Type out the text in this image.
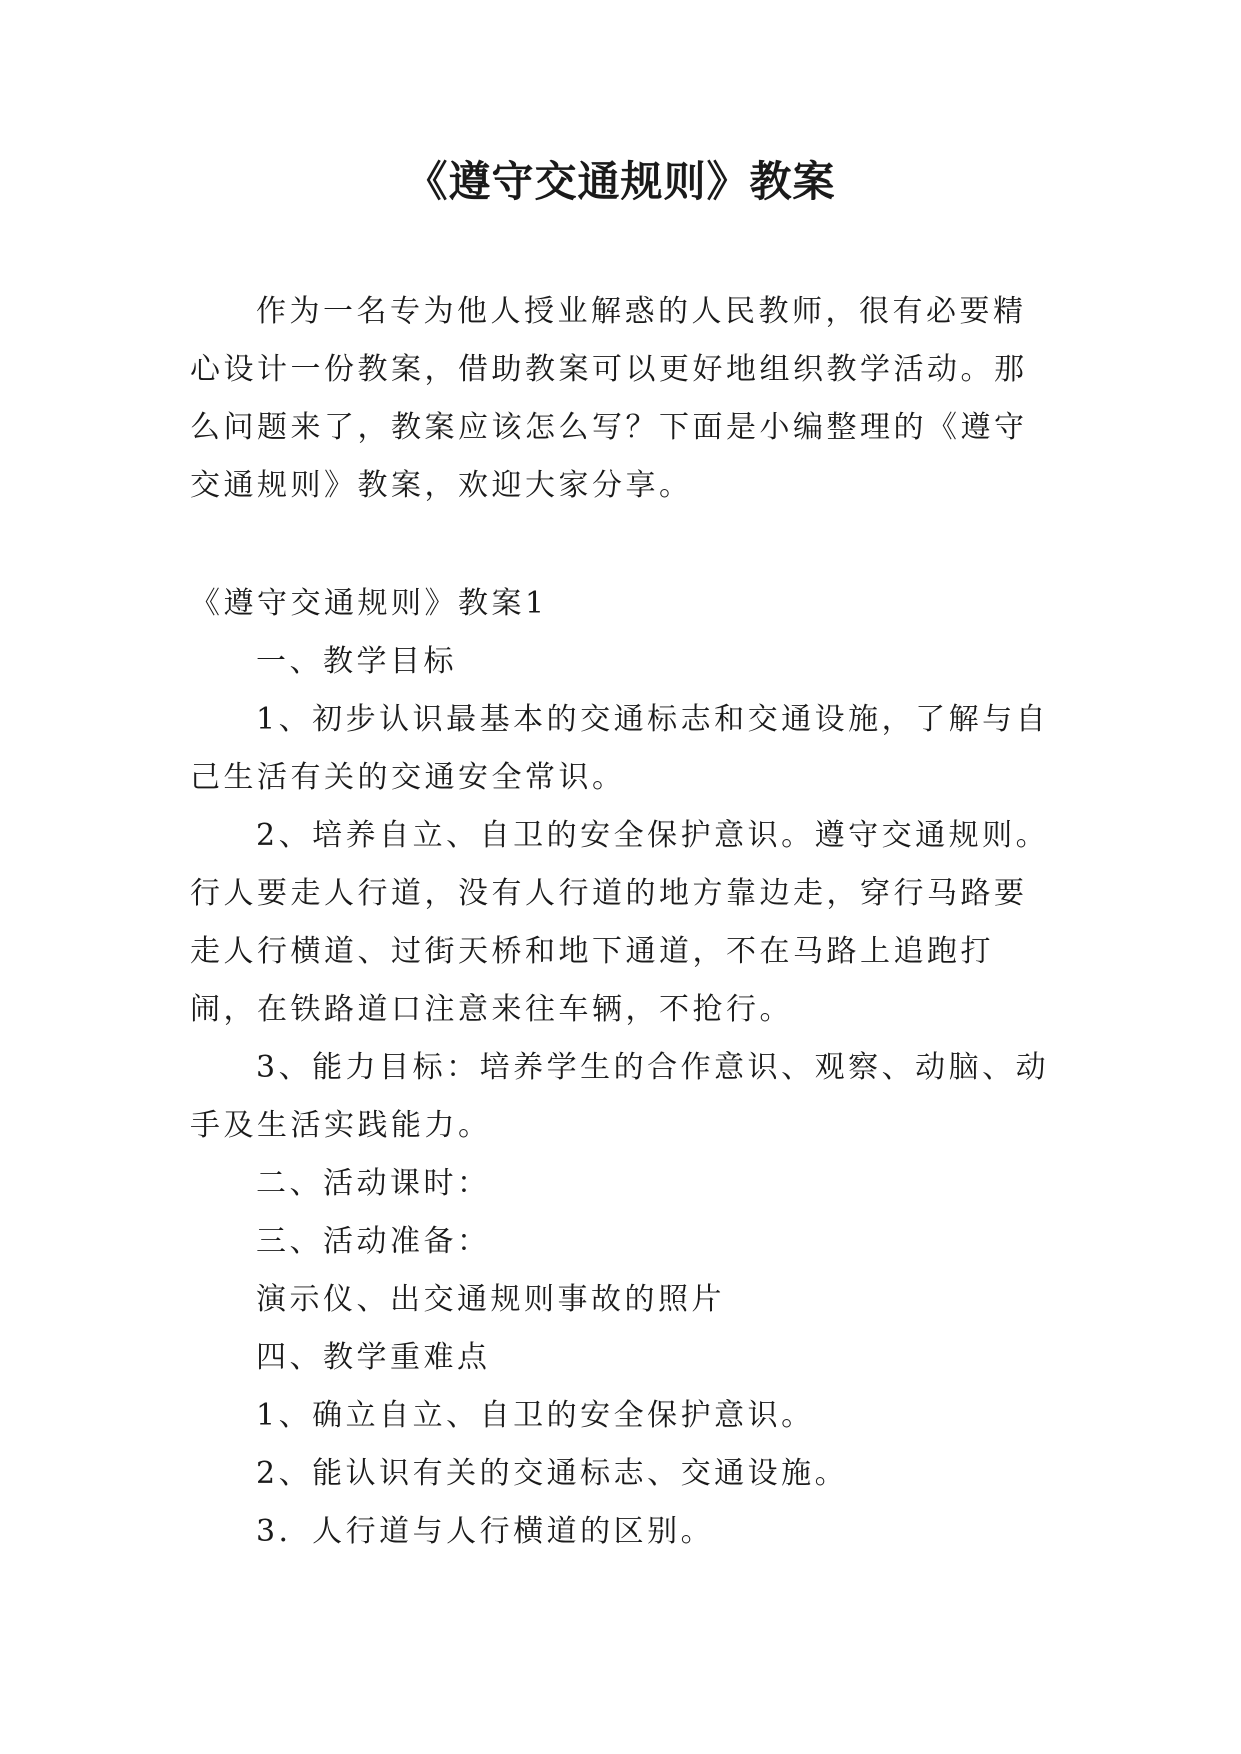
《遵守交通规则》教案

作为一名专为他人授业解惑的人民教师，很有必要精心设计一份教案，借助教案可以更好地组织教学活动。那么问题来了，教案应该怎么写？下面是小编整理的《遵守交通规则》教案，欢迎大家分享。

《遵守交通规则》教案1

一、教学目标

1、初步认识最基本的交通标志和交通设施，了解与自己生活有关的交通安全常识。

2、培养自立、自卫的安全保护意识。遵守交通规则。行人要走人行道，没有人行道的地方靠边走，穿行马路要走人行横道、过街天桥和地下通道，不在马路上追跑打闹，在铁路道口注意来往车辆，不抢行。

3、能力目标：培养学生的合作意识、观察、动脑、动手及生活实践能力。

二、活动课时：

三、活动准备：

演示仪、出交通规则事故的照片

四、教学重难点

1、确立自立、自卫的安全保护意识。

2、能认识有关的交通标志、交通设施。

3．人行道与人行横道的区别。
